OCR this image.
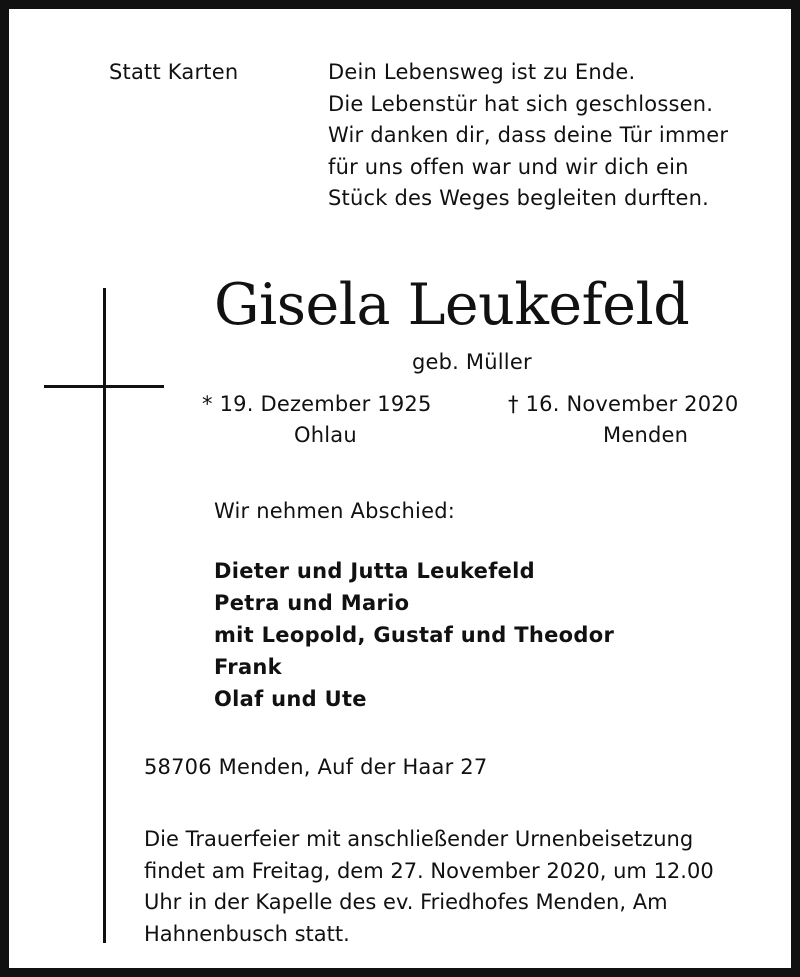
Statt Karten	Dein Lebensweg ist zu Ende.
Die Lebenstür hat sich geschlossen.
Wir danken dir, dass deine Tür immer
für uns offen war und wir dich ein
Stück des Weges begleiten durften.
Gisela Leukefeld
geb. Müller
* 19. Dezember 1925	† 16. November 2020
Ohlau	Menden
Wir nehmen Abschied:
Dieter und Jutta Leukefeld
Petra und Mario
mit Leopold, Gustaf und Theodor
Frank
Olaf und Ute
58706 Menden, Auf der Haar 27
Die Trauerfeier mit anschließender Urnenbeisetzung
findet am Freitag, dem 27. November 2020, um 12.00
Uhr in der Kapelle des ev. Friedhofes Menden, Am
Hahnenbusch statt.
